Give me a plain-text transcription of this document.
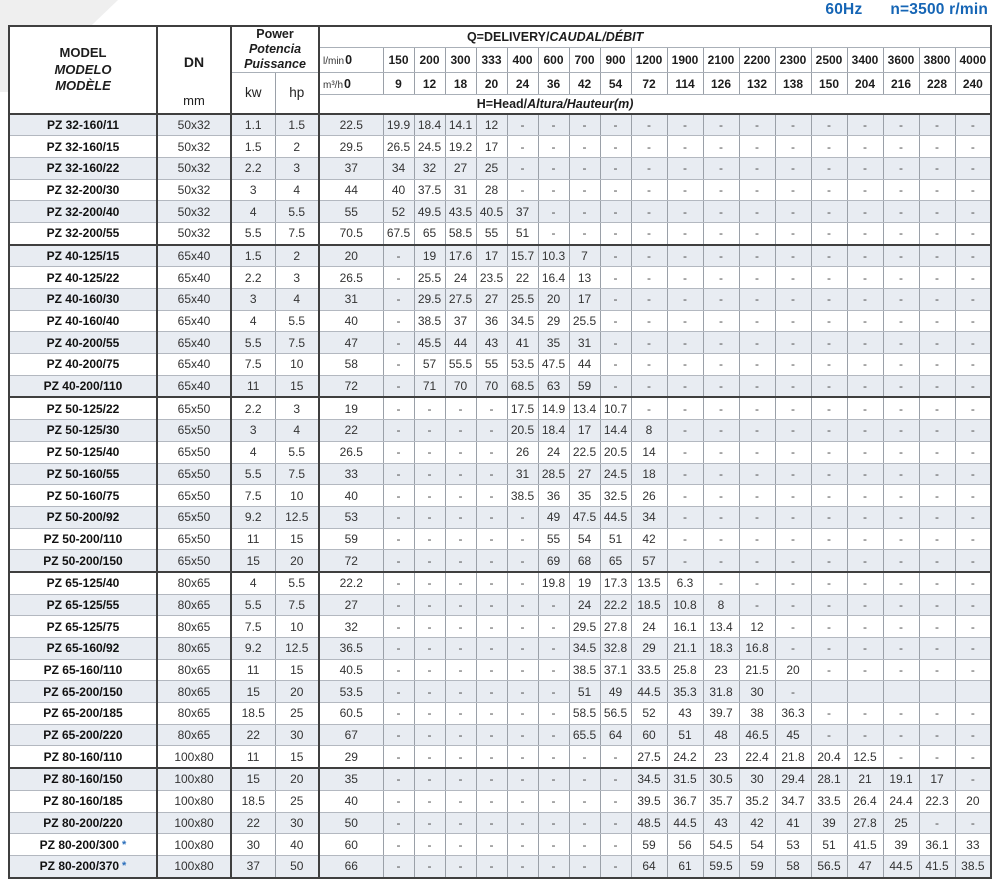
60Hz n=3500 r/min
MODEL
MODELO
MODÈLE

DN
mm

Power
Potencia
Puissance
	Q=DELIVERY/CAUDAL/DÉBIT
				l/min0	150	200	300	333	400	600	700	900	1200	1900	2100	2200	2300	2500	3400	3600	3800	4000
		kw	hp	m³/h0	9	12	18	20	24	36	42	54	72	114	126	132	138	150	204	216	228	240
				H=Head/Altura/Hauteur(m)																		
PZ 32-160/11	50x32	1.1	1.5	22.5	19.9	18.4	14.1	12	-	-	-	-	-	-	-	-	-	-	-	-	-	-
PZ 32-160/15	50x32	1.5	2	29.5	26.5	24.5	19.2	17	-	-	-	-	-	-	-	-	-	-	-	-	-	-
PZ 32-160/22	50x32	2.2	3	37	34	32	27	25	-	-	-	-	-	-	-	-	-	-	-	-	-	-
PZ 32-200/30	50x32	3	4	44	40	37.5	31	28	-	-	-	-	-	-	-	-	-	-	-	-	-	-
PZ 32-200/40	50x32	4	5.5	55	52	49.5	43.5	40.5	37	-	-	-	-	-	-	-	-	-	-	-	-	-
PZ 32-200/55	50x32	5.5	7.5	70.5	67.5	65	58.5	55	51	-	-	-	-	-	-	-	-	-	-	-	-	-
PZ 40-125/15	65x40	1.5	2	20	-	19	17.6	17	15.7	10.3	7	-	-	-	-	-	-	-	-	-	-	-
PZ 40-125/22	65x40	2.2	3	26.5	-	25.5	24	23.5	22	16.4	13	-	-	-	-	-	-	-	-	-	-	-
PZ 40-160/30	65x40	3	4	31	-	29.5	27.5	27	25.5	20	17	-	-	-	-	-	-	-	-	-	-	-
PZ 40-160/40	65x40	4	5.5	40	-	38.5	37	36	34.5	29	25.5	-	-	-	-	-	-	-	-	-	-	-
PZ 40-200/55	65x40	5.5	7.5	47	-	45.5	44	43	41	35	31	-	-	-	-	-	-	-	-	-	-	-
PZ 40-200/75	65x40	7.5	10	58	-	57	55.5	55	53.5	47.5	44	-	-	-	-	-	-	-	-	-	-	-
PZ 40-200/110	65x40	11	15	72	-	71	70	70	68.5	63	59	-	-	-	-	-	-	-	-	-	-	-
PZ 50-125/22	65x50	2.2	3	19	-	-	-	-	17.5	14.9	13.4	10.7	-	-	-	-	-	-	-	-	-	-
PZ 50-125/30	65x50	3	4	22	-	-	-	-	20.5	18.4	17	14.4	8	-	-	-	-	-	-	-	-	-
PZ 50-125/40	65x50	4	5.5	26.5	-	-	-	-	26	24	22.5	20.5	14	-	-	-	-	-	-	-	-	-
PZ 50-160/55	65x50	5.5	7.5	33	-	-	-	-	31	28.5	27	24.5	18	-	-	-	-	-	-	-	-	-
PZ 50-160/75	65x50	7.5	10	40	-	-	-	-	38.5	36	35	32.5	26	-	-	-	-	-	-	-	-	-
PZ 50-200/92	65x50	9.2	12.5	53	-	-	-	-	-	49	47.5	44.5	34	-	-	-	-	-	-	-	-	-
PZ 50-200/110	65x50	11	15	59	-	-	-	-	-	55	54	51	42	-	-	-	-	-	-	-	-	-
PZ 50-200/150	65x50	15	20	72	-	-	-	-	-	69	68	65	57	-	-	-	-	-	-	-	-	-
PZ 65-125/40	80x65	4	5.5	22.2	-	-	-	-	-	19.8	19	17.3	13.5	6.3	-	-	-	-	-	-	-	-
PZ 65-125/55	80x65	5.5	7.5	27	-	-	-	-	-	-	24	22.2	18.5	10.8	8	-	-	-	-	-	-	-
PZ 65-125/75	80x65	7.5	10	32	-	-	-	-	-	-	29.5	27.8	24	16.1	13.4	12	-	-	-	-	-	-
PZ 65-160/92	80x65	9.2	12.5	36.5	-	-	-	-	-	-	34.5	32.8	29	21.1	18.3	16.8	-	-	-	-	-	-
PZ 65-160/110	80x65	11	15	40.5	-	-	-	-	-	-	38.5	37.1	33.5	25.8	23	21.5	20	-	-	-	-	-
PZ 65-200/150	80x65	15	20	53.5	-	-	-	-	-	-	51	49	44.5	35.3	31.8	30	-					
PZ 65-200/185	80x65	18.5	25	60.5	-	-	-	-	-	-	58.5	56.5	52	43	39.7	38	36.3	-	-	-	-	-
PZ 65-200/220	80x65	22	30	67	-	-	-	-	-	-	65.5	64	60	51	48	46.5	45	-	-	-	-	-
PZ 80-160/110	100x80	11	15	29	-	-	-	-	-	-	-	-	27.5	24.2	23	22.4	21.8	20.4	12.5	-	-	-
PZ 80-160/150	100x80	15	20	35	-	-	-	-	-	-	-	-	34.5	31.5	30.5	30	29.4	28.1	21	19.1	17	-
PZ 80-160/185	100x80	18.5	25	40	-	-	-	-	-	-	-	-	39.5	36.7	35.7	35.2	34.7	33.5	26.4	24.4	22.3	20
PZ 80-200/220	100x80	22	30	50	-	-	-	-	-	-	-	-	48.5	44.5	43	42	41	39	27.8	25	-	-
PZ 80-200/300 *	100x80	30	40	60	-	-	-	-	-	-	-	-	59	56	54.5	54	53	51	41.5	39	36.1	33
PZ 80-200/370 *	100x80	37	50	66	-	-	-	-	-	-	-	-	64	61	59.5	59	58	56.5	47	44.5	41.5	38.5
